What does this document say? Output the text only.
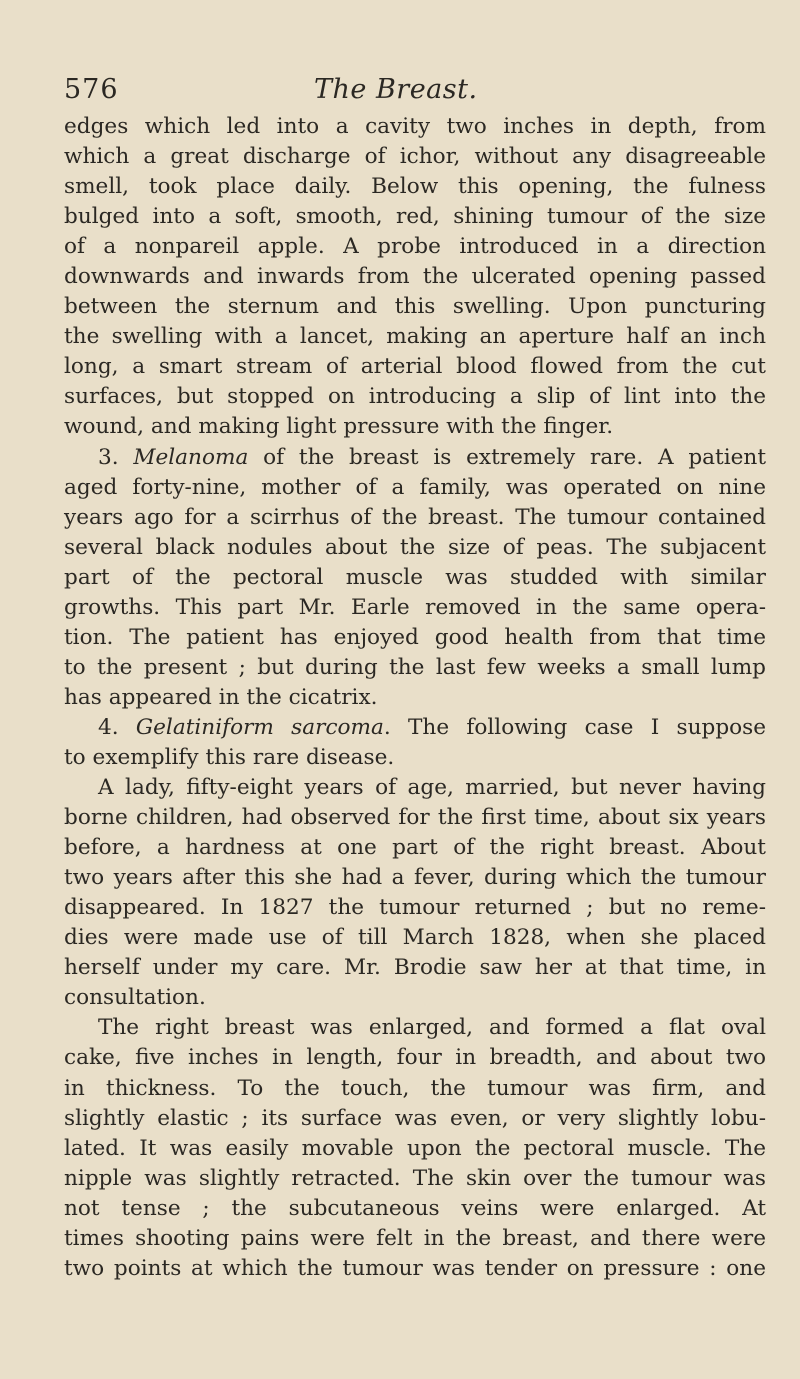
576	The Breast.
edges which led into a cavity two inches in depth, from
which a great discharge of ichor, without any disagreeable
smell, took place daily. Below this opening, the fulness
bulged into a soft, smooth, red, shining tumour of the size
of a nonpareil apple. A probe introduced in a direction
downwards and inwards from the ulcerated opening passed
between the sternum and this swelling. Upon puncturing
the swelling with a lancet, making an aperture half an inch
long, a smart stream of arterial blood flowed from the cut
surfaces, but stopped on introducing a slip of lint into the
wound, and making light pressure with the finger.
3. Melanoma of the breast is extremely rare. A patient
aged forty-nine, mother of a family, was operated on nine
years ago for a scirrhus of the breast. The tumour contained
several black nodules about the size of peas. The subjacent
part of the pectoral muscle was studded with similar
growths. This part Mr. Earle removed in the same opera-
tion. The patient has enjoyed good health from that time
to the present ; but during the last few weeks a small lump
has appeared in the cicatrix.
4. Gelatiniform sarcoma. The following case I suppose
to exemplify this rare disease.
A lady, fifty-eight years of age, married, but never having
borne children, had observed for the first time, about six years
before, a hardness at one part of the right breast. About
two years after this she had a fever, during which the tumour
disappeared. In 1827 the tumour returned ; but no reme-
dies were made use of till March 1828, when she placed
herself under my care. Mr. Brodie saw her at that time, in
consultation.
The right breast was enlarged, and formed a flat oval
cake, five inches in length, four in breadth, and about two
in thickness. To the touch, the tumour was firm, and
slightly elastic ; its surface was even, or very slightly lobu-
lated. It was easily movable upon the pectoral muscle. The
nipple was slightly retracted. The skin over the tumour was
not tense ; the subcutaneous veins were enlarged. At
times shooting pains were felt in the breast, and there were
two points at which the tumour was tender on pressure : one
